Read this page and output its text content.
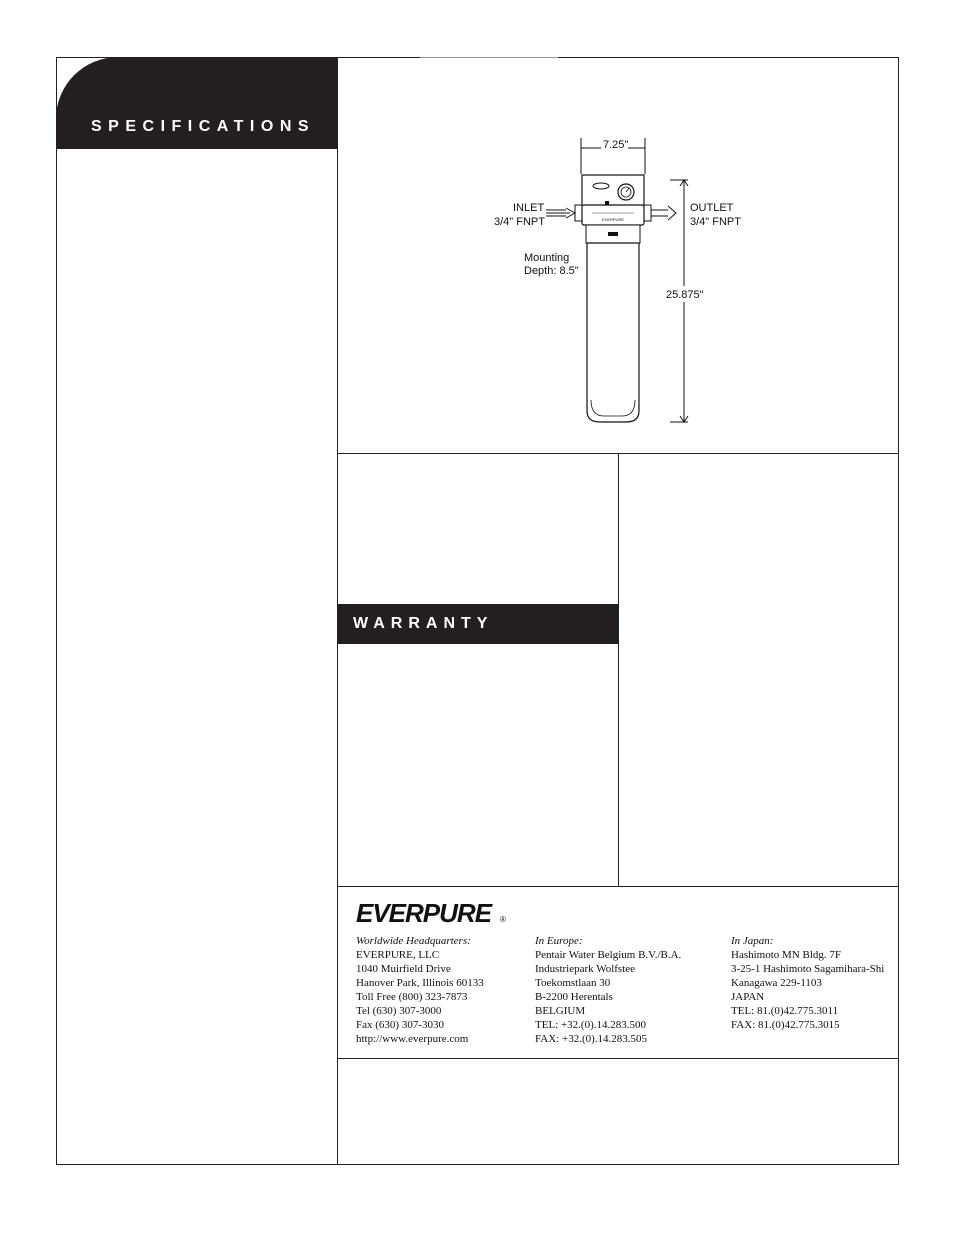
SPECIFICATIONS
WARRANTY
7.25"
EVERPURE
INLET
3/4" FNPT
OUTLET
3/4" FNPT
Mounting
Depth: 8.5"
25.875"
EVERPURE ®
Worldwide Headquarters:
EVERPURE, LLC
1040 Muirfield Drive
Hanover Park, Illinois 60133
Toll Free (800) 323-7873
Tel (630) 307-3000
Fax (630) 307-3030
http://www.everpure.com
In Europe:
Pentair Water Belgium B.V./B.A.
Industriepark Wolfstee
Toekomstlaan 30
B-2200 Herentals
BELGIUM
TEL: +32.(0).14.283.500
FAX: +32.(0).14.283.505
In Japan:
Hashimoto MN Bldg. 7F
3-25-1 Hashimoto Sagamihara-Shi
Kanagawa 229-1103
JAPAN
TEL: 81.(0)42.775.3011
FAX: 81.(0)42.775.3015
